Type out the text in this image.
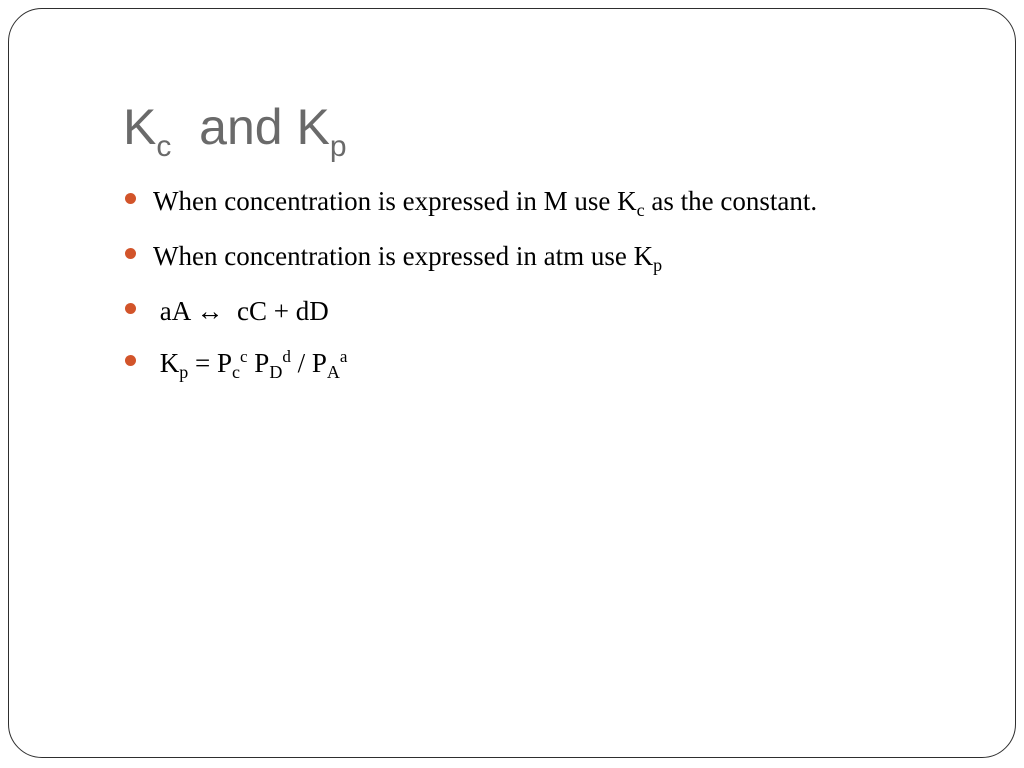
$K_c$  and $K_p$
When concentration is expressed in M use $K_c$ as the constant.
When concentration is expressed in atm use $K_p$
aA ↔  cC + dD
$K_p = P_c^c$ $P_D^d / P_A^a$
